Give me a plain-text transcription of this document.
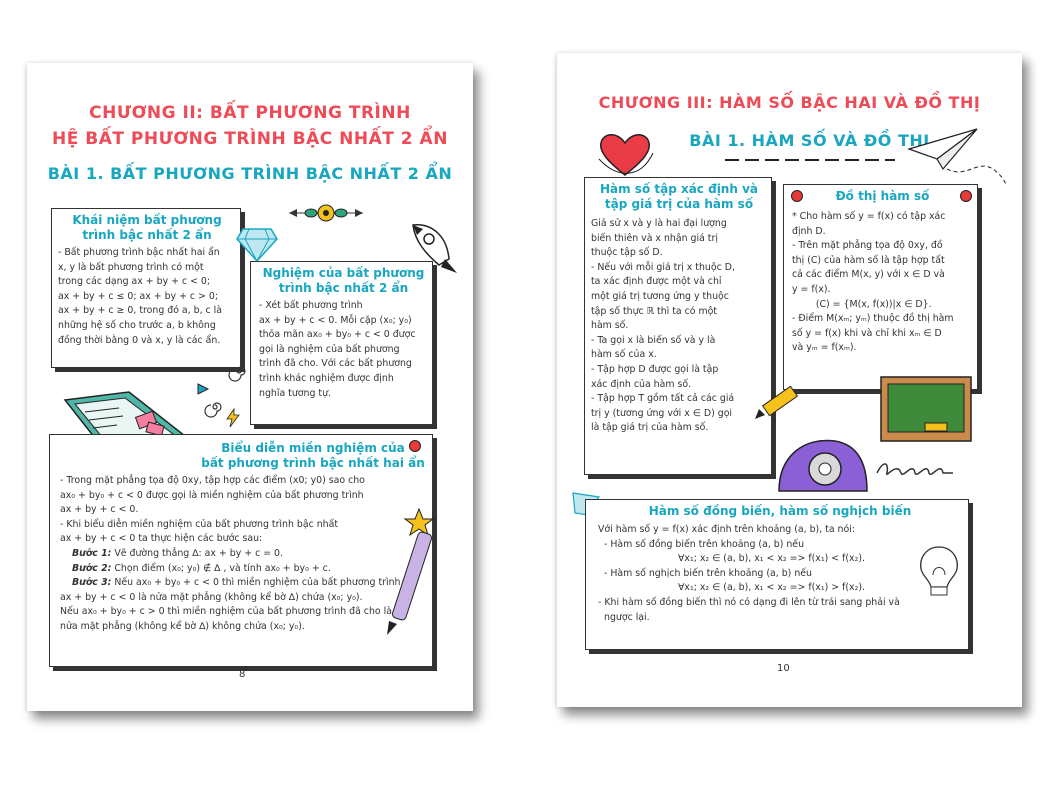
CHƯƠNG II: BẤT PHƯƠNG TRÌNH
HỆ BẤT PHƯƠNG TRÌNH BẬC NHẤT 2 ẨN
BÀI 1. BẤT PHƯƠNG TRÌNH BẬC NHẤT 2 ẨN
Khái niệm bất phương trình bậc nhất 2 ẩn
- Bất phương trình bậc nhất hai ẩn
x, y là bất phương trình có một
trong các dạng ax + by + c < 0;
ax + by + c ≤ 0; ax + by + c > 0;
ax + by + c ≥ 0, trong đó a, b, c là
những hệ số cho trước a, b không
đồng thời bằng 0 và x, y là các ẩn.
Nghiệm của bất phương trình bậc nhất 2 ẩn
- Xét bất phương trình
ax + by + c < 0. Mỗi cặp (x₀; y₀)
thỏa mãn ax₀ + by₀ + c < 0 được
gọi là nghiệm của bất phương
trình đã cho. Với các bất phương
trình khác nghiệm được định
nghĩa tương tự.
Biểu diễn miền nghiệm của
bất phương trình bậc nhất hai ẩn
- Trong mặt phẳng tọa độ 0xy, tập hợp các điểm (x0; y0) sao cho
ax₀ + by₀ + c < 0 được gọi là miền nghiệm của bất phương trình
ax + by + c < 0.
- Khi biểu diễn miền nghiệm của bất phương trình bậc nhất
ax + by + c < 0 ta thực hiện các bước sau:
Bước 1: Vẽ đường thẳng ∆: ax + by + c = 0.
Bước 2: Chọn điểm (x₀; y₀) ∉ ∆ , và tính ax₀ + by₀ + c.
Bước 3: Nếu ax₀ + by₀ + c < 0 thì miền nghiệm của bất phương trình
ax + by + c < 0 là nửa mặt phẳng (không kể bờ ∆) chứa (x₀; y₀).
Nếu ax₀ + by₀ + c > 0 thì miền nghiệm của bất phương trình đã cho là
nửa mặt phẳng (không kể bờ ∆) không chứa (x₀; y₀).
8
CHƯƠNG III: HÀM SỐ BẬC HAI VÀ ĐỒ THỊ
BÀI 1. HÀM SỐ VÀ ĐỒ THỊ
Hàm số tập xác định và tập giá trị của hàm số
Giả sử x và y là hai đại lượng
biến thiên và x nhận giá trị
thuộc tập số D.
- Nếu với mỗi giá trị x thuộc D,
ta xác định được một và chỉ
một giá trị tương ứng y thuộc
tập số thực ℝ thì ta có một
hàm số.
- Ta gọi x là biến số và y là
hàm số của x.
- Tập hợp D được gọi là tập
xác định của hàm số.
- Tập hợp T gồm tất cả các giá
trị y (tương ứng với x ∈ D) gọi
là tập giá trị của hàm số.
Đồ thị hàm số
* Cho hàm số y = f(x) có tập xác
định D.
- Trên mặt phẳng tọa độ 0xy, đồ
thị (C) của hàm số là tập hợp tất
cả các điểm M(x, y) với x ∈ D và
y = f(x).
(C) = {M(x, f(x))|x ∈ D}.
- Điểm M(xₘ; yₘ) thuộc đồ thị hàm
số y = f(x) khi và chỉ khi xₘ ∈ D
và yₘ = f(xₘ).
Hàm số đồng biến, hàm số nghịch biến
Với hàm số y = f(x) xác định trên khoảng (a, b), ta nói:
- Hàm số đồng biến trên khoảng (a, b) nếu
∀x₁; x₂ ∈ (a, b), x₁ < x₂ => f(x₁) < f(x₂).
- Hàm số nghịch biến trên khoảng (a, b) nếu
∀x₁; x₂ ∈ (a, b), x₁ < x₂ => f(x₁) > f(x₂).
- Khi hàm số đồng biến thì nó có dạng đi lên từ trái sang phải và
ngược lại.
10
